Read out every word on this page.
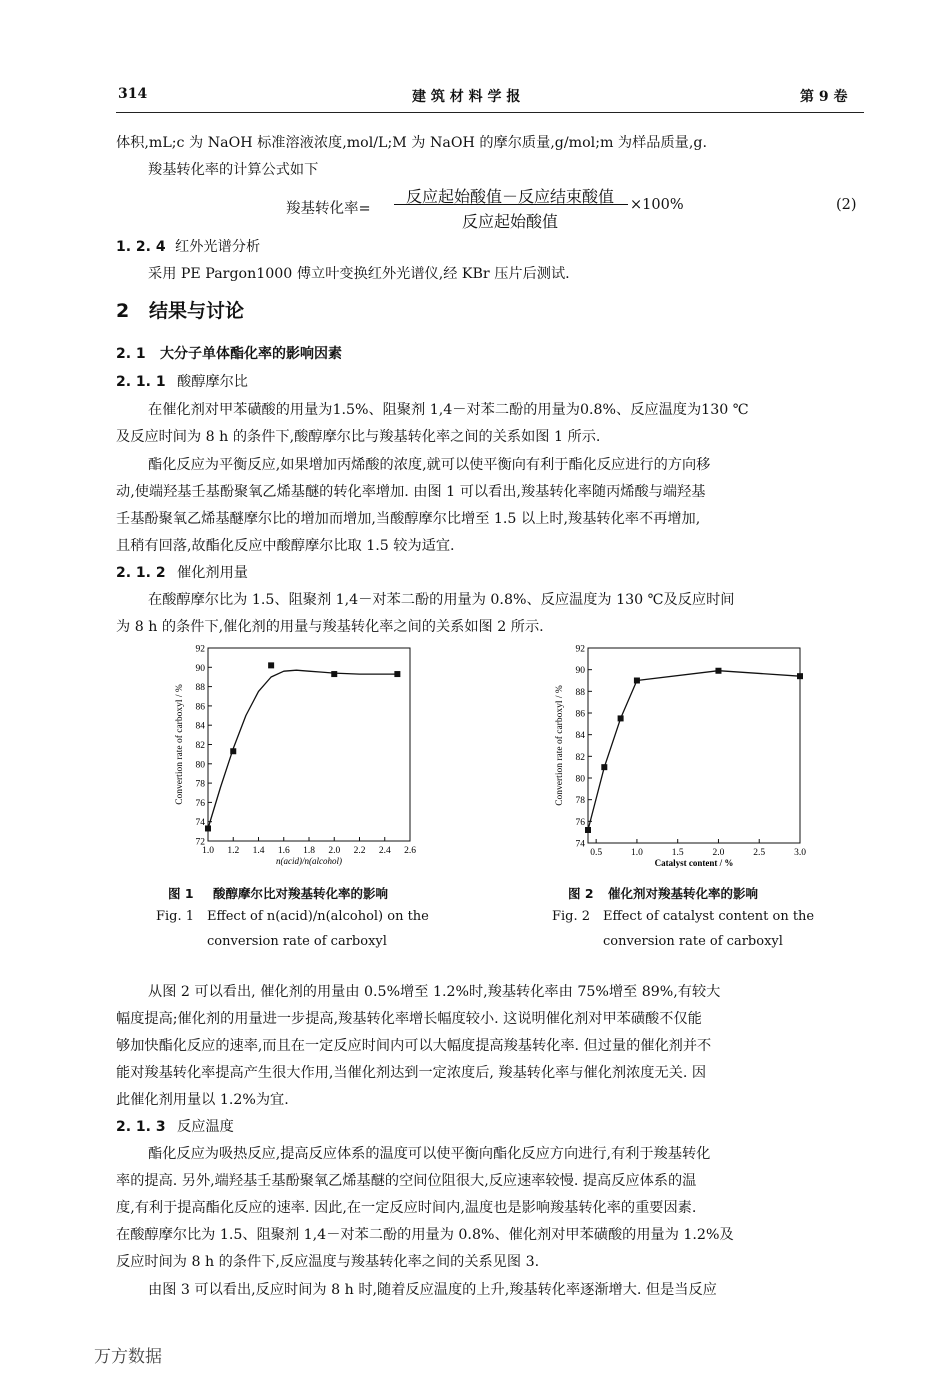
314	建 筑 材 料 学 报	第 9 卷
体积,mL;c 为 NaOH 标准溶液浓度,mol/L;M 为 NaOH 的摩尔质量,g/mol;m 为样品质量,g.
羧基转化率的计算公式如下
羧基转化率=
反应起始酸值－反应结束酸值
反应起始酸值
×100%	(2)
1. 2. 4 红外光谱分析
采用 PE Pargon1000 傅立叶变换红外光谱仪,经 KBr 压片后测试.
2 结果与讨论
2. 1 大分子单体酯化率的影响因素
2. 1. 1 酸醇摩尔比
在催化剂对甲苯磺酸的用量为1.5%、阻聚剂 1,4－对苯二酚的用量为0.8%、反应温度为130 ℃
及反应时间为 8 h 的条件下,酸醇摩尔比与羧基转化率之间的关系如图 1 所示.
酯化反应为平衡反应,如果增加丙烯酸的浓度,就可以使平衡向有利于酯化反应进行的方向移
动,使端羟基壬基酚聚氧乙烯基醚的转化率增加. 由图 1 可以看出,羧基转化率随丙烯酸与端羟基
壬基酚聚氧乙烯基醚摩尔比的增加而增加,当酸醇摩尔比增至 1.5 以上时,羧基转化率不再增加,
且稍有回落,故酯化反应中酸醇摩尔比取 1.5 较为适宜.
2. 1. 2 催化剂用量
在酸醇摩尔比为 1.5、阻聚剂 1,4－对苯二酚的用量为 0.8%、反应温度为 130 ℃及反应时间
为 8 h 的条件下,催化剂的用量与羧基转化率之间的关系如图 2 所示.
72
74
76
78
80
82
84
86
88
90
92
1.0 1.2 1.4 1.6 1.8 2.0 2.2 2.4 2.6
n(acid)/n(alcohol)
Convertion rate of carboxyl / %
74
76
78
80
82
84
86
88
90
92
0.5	1.0	1.5	2.0	2.5	3.0
Catalyst content / %
Convertion rate of carboxyl / %
图 1 酸醇摩尔比对羧基转化率的影响
Fig. 1 Effect of n(acid)/n(alcohol) on the
conversion rate of carboxyl
图 2 催化剂对羧基转化率的影响
Fig. 2 Effect of catalyst content on the
conversion rate of carboxyl
从图 2 可以看出, 催化剂的用量由 0.5%增至 1.2%时,羧基转化率由 75%增至 89%,有较大
幅度提高;催化剂的用量进一步提高,羧基转化率增长幅度较小. 这说明催化剂对甲苯磺酸不仅能
够加快酯化反应的速率,而且在一定反应时间内可以大幅度提高羧基转化率. 但过量的催化剂并不
能对羧基转化率提高产生很大作用,当催化剂达到一定浓度后, 羧基转化率与催化剂浓度无关. 因
此催化剂用量以 1.2%为宜.
2. 1. 3 反应温度
酯化反应为吸热反应,提高反应体系的温度可以使平衡向酯化反应方向进行,有利于羧基转化
率的提高. 另外,端羟基壬基酚聚氧乙烯基醚的空间位阻很大,反应速率较慢. 提高反应体系的温
度,有利于提高酯化反应的速率. 因此,在一定反应时间内,温度也是影响羧基转化率的重要因素.
在酸醇摩尔比为 1.5、阻聚剂 1,4－对苯二酚的用量为 0.8%、催化剂对甲苯磺酸的用量为 1.2%及
反应时间为 8 h 的条件下,反应温度与羧基转化率之间的关系见图 3.
由图 3 可以看出,反应时间为 8 h 时,随着反应温度的上升,羧基转化率逐渐增大. 但是当反应
万方数据
